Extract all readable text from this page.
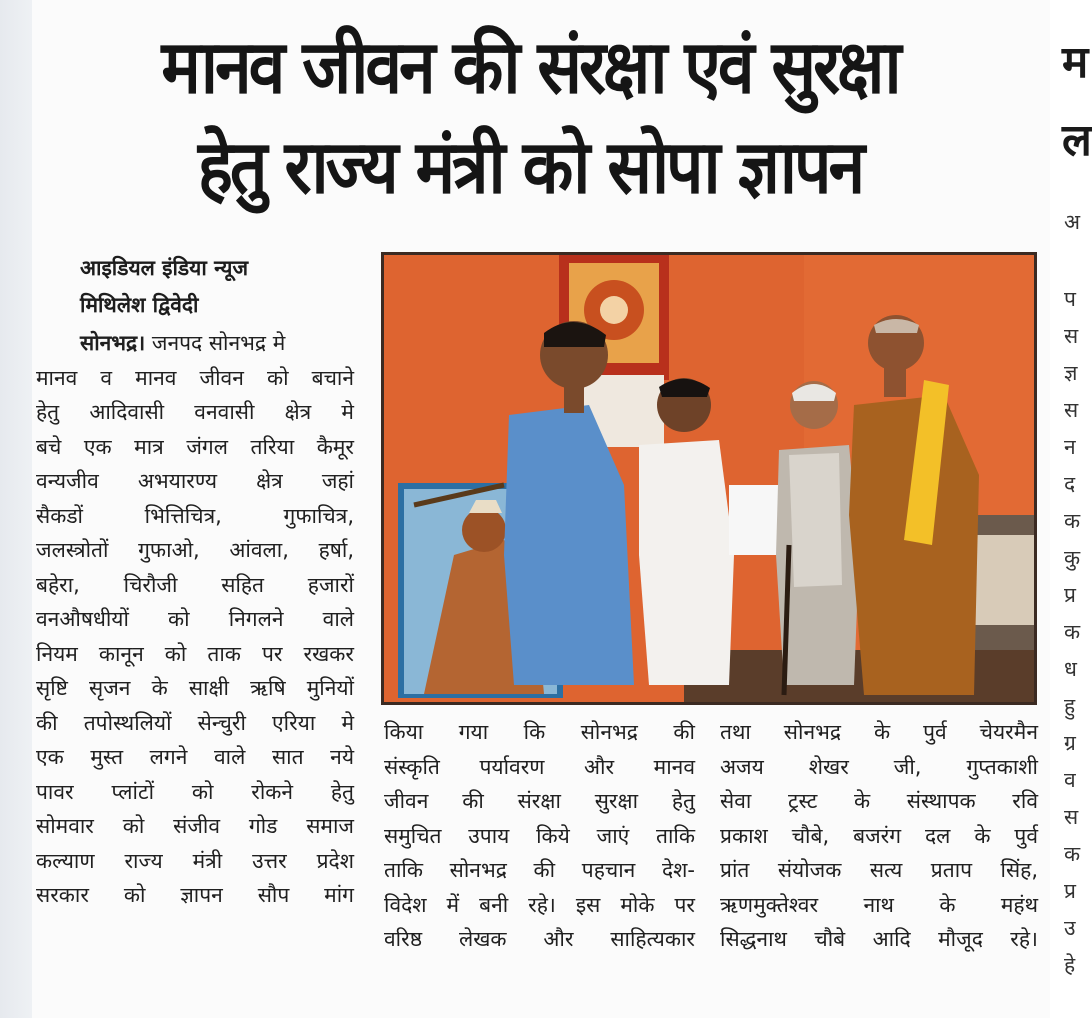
मानव जीवन की संरक्षा एवं सुरक्षा
हेतु राज्य मंत्री को सोपा ज्ञापन
आइडियल इंडिया न्यूज
मिथिलेश द्विवेदी
सोनभद्र। जनपद सोनभद्र मे
मानव व मानव जीवन को बचाने
हेतु आदिवासी वनवासी क्षेत्र मे
बचे एक मात्र जंगल तरिया कैमूर
वन्यजीव अभयारण्य क्षेत्र जहां
सैकडों भित्तिचित्र, गुफाचित्र,
जलस्त्रोतों गुफाओ, आंवला, हर्षा,
बहेरा, चिरौजी सहित हजारों
वनऔषधीयों को निगलने वाले
नियम कानून को ताक पर रखकर
सृष्टि सृजन के साक्षी ऋषि मुनियों
की तपोस्थलियों सेन्चुरी एरिया मे
एक मुस्त लगने वाले सात नये
पावर प्लांटों को रोकने हेतु
सोमवार को संजीव गोड समाज
कल्याण राज्य मंत्री उत्तर प्रदेश
सरकार को ज्ञापन सौप मांग
किया गया कि सोनभद्र की
संस्कृति पर्यावरण और मानव
जीवन की संरक्षा सुरक्षा हेतु
समुचित उपाय किये जाएं ताकि
ताकि सोनभद्र की पहचान देश-
विदेश में बनी रहे। इस मोके पर
वरिष्ठ लेखक और साहित्यकार
तथा सोनभद्र के पुर्व चेयरमैन
अजय शेखर जी, गुप्तकाशी
सेवा ट्रस्ट के संस्थापक रवि
प्रकाश चौबे, बजरंग दल के पुर्व
प्रांत संयोजक सत्य प्रताप सिंह,
ऋणमुक्तेश्वर नाथ के महंथ
सिद्धनाथ चौबे आदि मौजूद रहे।
म
ल
अ
प
स
ज्ञ
स
न
द
क
कु
प्र
क
ध
हु
ग्र
व
स
क
प्र
उ
हे
